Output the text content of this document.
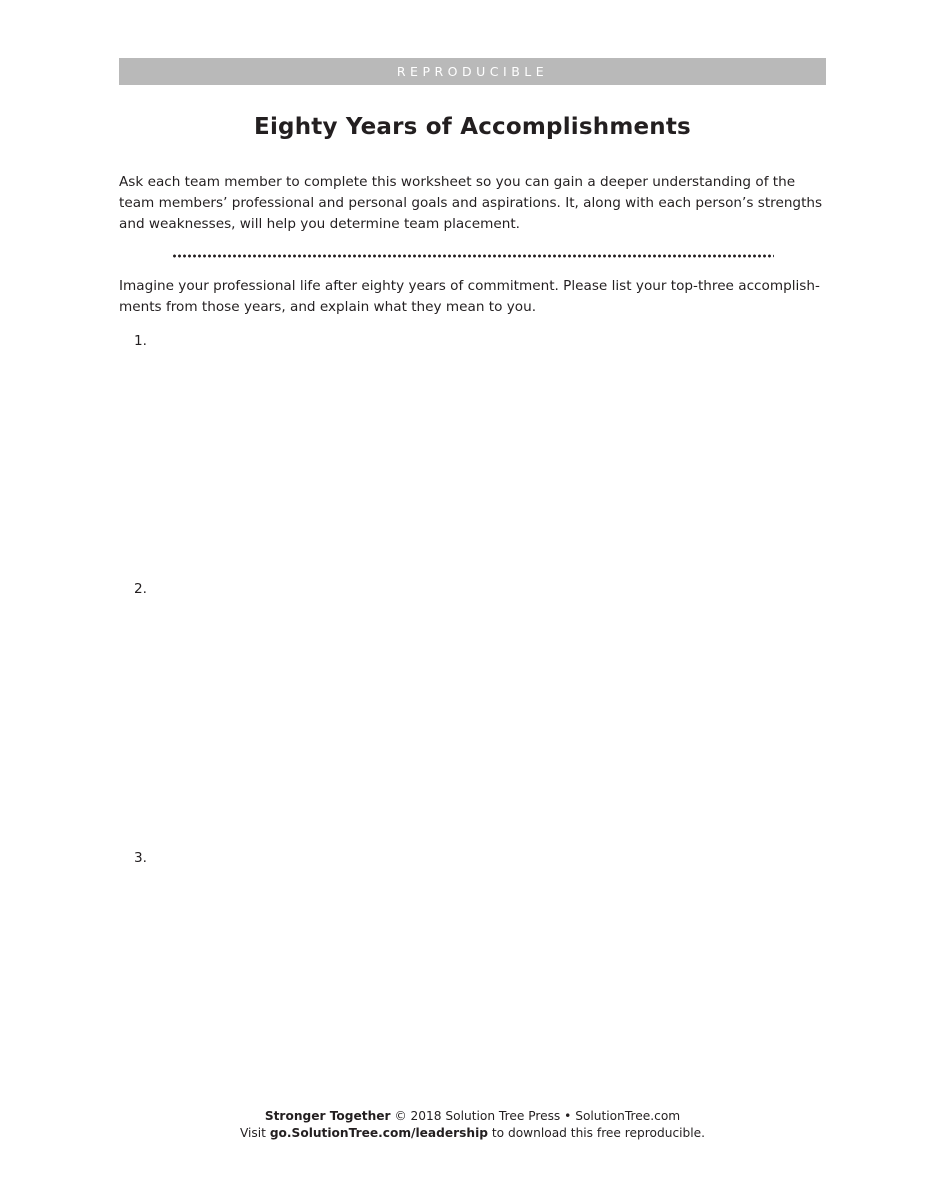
REPRODUCIBLE
Eighty Years of Accomplishments

Ask each team member to complete this worksheet so you can gain a deeper understanding of the team members’ professional and personal goals and aspirations. It, along with each person’s strengths and weaknesses, will help you determine team placement.

Imagine your professional life after eighty years of commitment. Please list your top-three accomplish-
ments from those years, and explain what they mean to you.

1.
2.
3.
Stronger Together © 2018 Solution Tree Press • SolutionTree.com
Visit go.SolutionTree.com/leadership to download this free reproducible.
